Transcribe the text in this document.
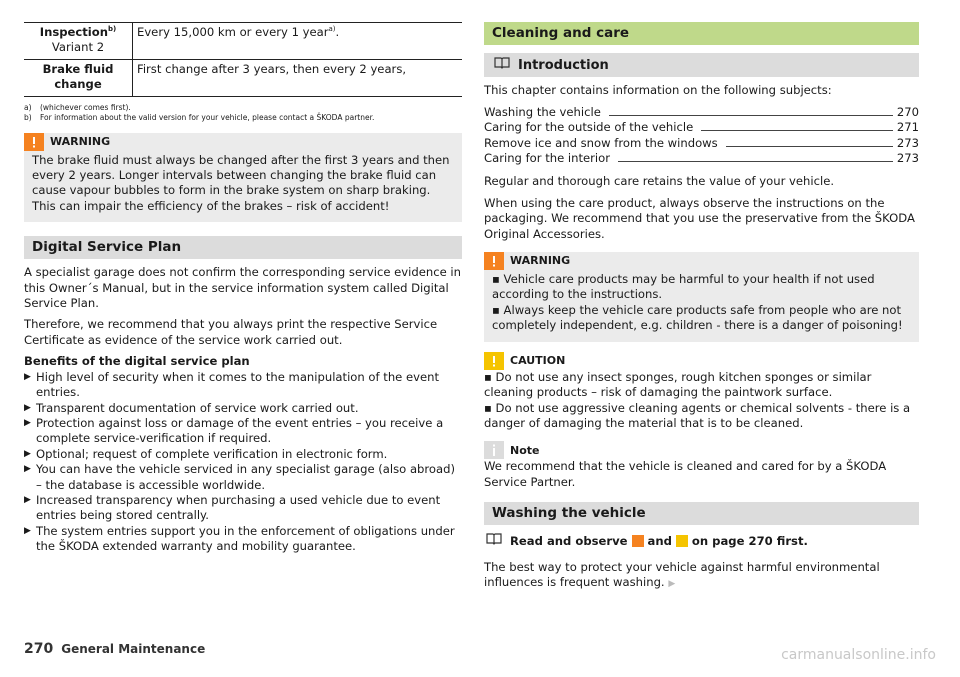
Inspection$^{b)}$
Variant 2	Every 15,000 km or every 1 year$^{a)}$.
Brake fluid change	First change after 3 years, then every 2 years,
a)	(whichever comes first).
b)	For information about the valid version for your vehicle, please contact a ŠKODA partner.
WARNING

The brake fluid must always be changed after the first 3 years and then every 2 years. Longer intervals between changing the brake fluid can cause vapour bubbles to form in the brake system on sharp braking. This can impair the efficiency of the brakes – risk of accident!

Digital Service Plan

A specialist garage does not confirm the corresponding service evidence in this Owner´s Manual, but in the service information system called Digital Service Plan.

Therefore, we recommend that you always print the respective Service Certificate as evidence of the service work carried out.

Benefits of the digital service plan

▶ High level of security when it comes to the manipulation of the event entries.
▶ Transparent documentation of service work carried out.
▶ Protection against loss or damage of the event entries – you receive a complete service-verification if required.
▶ Optional; request of complete verification in electronic form.
▶ You can have the vehicle serviced in any specialist garage (also abroad) – the database is accessible worldwide.
▶ Increased transparency when purchasing a used vehicle due to event entries being stored centrally.
▶ The system entries support you in the enforcement of obligations under the ŠKODA extended warranty and mobility guarantee.
Cleaning and care
Introduction

This chapter contains information on the following subjects:

Washing the vehicle	270
Caring for the outside of the vehicle	271
Remove ice and snow from the windows	273
Caring for the interior	273

Regular and thorough care retains the value of your vehicle.

When using the care product, always observe the instructions on the packaging. We recommend that you use the preservative from the ŠKODA Original Accessories.

WARNING

▪ Vehicle care products may be harmful to your health if not used according to the instructions.

▪ Always keep the vehicle care products safe from people who are not completely independent, e.g. children - there is a danger of poisoning!

CAUTION

▪ Do not use any insect sponges, rough kitchen sponges or similar cleaning products – risk of damaging the paintwork surface.

▪ Do not use aggressive cleaning agents or chemical solvents - there is a danger of damaging the material that is to be cleaned.

Note

We recommend that the vehicle is cleaned and cared for by a ŠKODA Service Partner.

Washing the vehicle
Read and observe and on page 270 first.

The best way to protect your vehicle against harmful environmental influences is frequent washing. ▶

270 General Maintenance	carmanualsonline.info
